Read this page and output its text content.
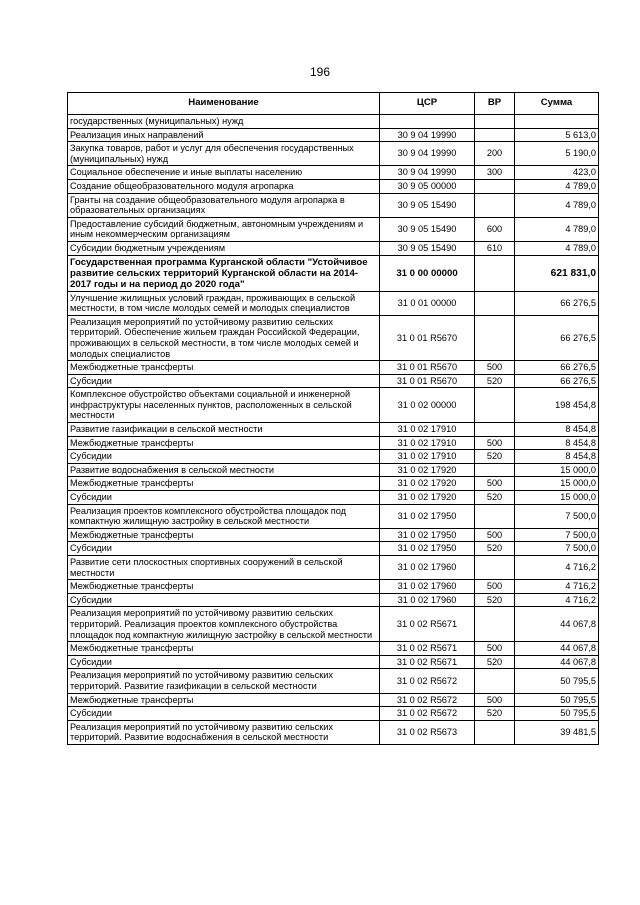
196
Наименование	ЦСР	ВР	Сумма
государственных (муниципальных) нужд			
Реализация иных направлений	30 9 04 19990		5 613,0
Закупка товаров, работ и услуг для обеспечения государственных (муниципальных) нужд	30 9 04 19990	200	5 190,0
Социальное обеспечение и иные выплаты населению	30 9 04 19990	300	423,0
Создание общеобразовательного модуля агропарка	30 9 05 00000		4 789,0
Гранты на создание общеобразовательного модуля агропарка в образовательных организациях	30 9 05 15490		4 789,0
Предоставление субсидий бюджетным, автономным учреждениям и иным некоммерческим организациям	30 9 05 15490	600	4 789,0
Субсидии бюджетным учреждениям	30 9 05 15490	610	4 789,0
Государственная программа Курганской области "Устойчивое развитие сельских территорий Курганской области на 2014-2017 годы и на период до 2020 года"	31 0 00 00000		621 831,0
Улучшение жилищных условий граждан, проживающих в сельской местности, в том числе молодых семей и молодых специалистов	31 0 01 00000		66 276,5
Реализация мероприятий по устойчивому развитию сельских территорий. Обеспечение жильем граждан Российской Федерации, проживающих в сельской местности, в том числе молодых семей и молодых специалистов	31 0 01 R5670		66 276,5
Межбюджетные трансферты	31 0 01 R5670	500	66 276,5
Субсидии	31 0 01 R5670	520	66 276,5
Комплексное обустройство объектами социальной и инженерной инфраструктуры населенных пунктов, расположенных в сельской местности	31 0 02 00000		198 454,8
Развитие газификации в сельской местности	31 0 02 17910		8 454,8
Межбюджетные трансферты	31 0 02 17910	500	8 454,8
Субсидии	31 0 02 17910	520	8 454,8
Развитие водоснабжения в сельской местности	31 0 02 17920		15 000,0
Межбюджетные трансферты	31 0 02 17920	500	15 000,0
Субсидии	31 0 02 17920	520	15 000,0
Реализация проектов комплексного обустройства площадок под компактную жилищную застройку в сельской местности	31 0 02 17950		7 500,0
Межбюджетные трансферты	31 0 02 17950	500	7 500,0
Субсидии	31 0 02 17950	520	7 500,0
Развитие сети плоскостных спортивных сооружений в сельской местности	31 0 02 17960		4 716,2
Межбюджетные трансферты	31 0 02 17960	500	4 716,2
Субсидии	31 0 02 17960	520	4 716,2
Реализация мероприятий по устойчивому развитию сельских территорий. Реализация проектов комплексного обустройства площадок под компактную жилищную застройку в сельской местности	31 0 02 R5671		44 067,8
Межбюджетные трансферты	31 0 02 R5671	500	44 067,8
Субсидии	31 0 02 R5671	520	44 067,8
Реализация мероприятий по устойчивому развитию сельских территорий. Развитие газификации в сельской местности	31 0 02 R5672		50 795,5
Межбюджетные трансферты	31 0 02 R5672	500	50 795,5
Субсидии	31 0 02 R5672	520	50 795,5
Реализация мероприятий по устойчивому развитию сельских территорий. Развитие водоснабжения в сельской местности	31 0 02 R5673		39 481,5
